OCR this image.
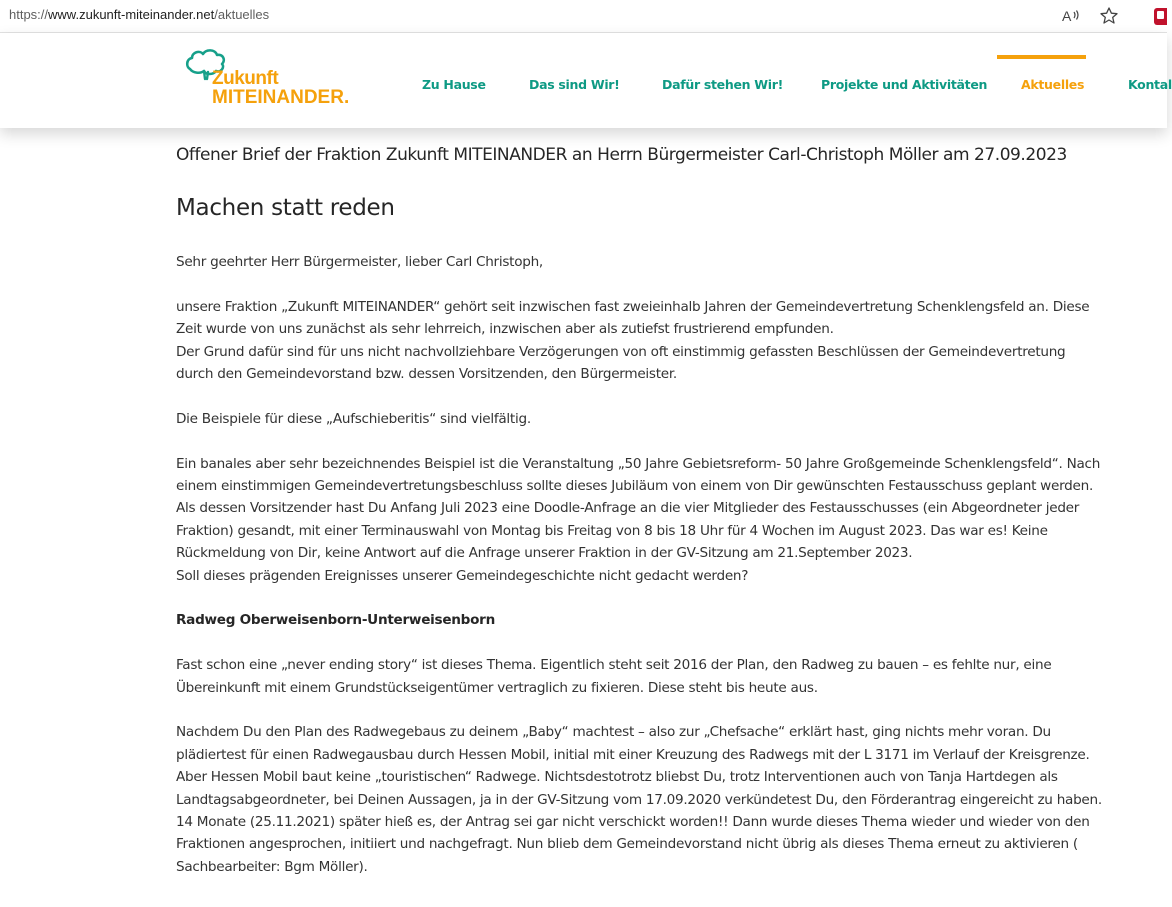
https://www.zukunft-miteinander.net/aktuelles	A
Zukunft
MITEINANDER.
Zu Hause	Das sind Wir!	Dafür stehen Wir!	Projekte und Aktivitäten	Aktuelles	Kontal
Offener Brief der Fraktion Zukunft MITEINANDER an Herrn Bürgermeister Carl-Christoph Möller am 27.09.2023
Machen statt reden

Sehr geehrter Herr Bürgermeister, lieber Carl Christoph,

unsere Fraktion „Zukunft MITEINANDER“ gehört seit inzwischen fast zweieinhalb Jahren der Gemeindevertretung Schenklengsfeld an. Diese
Zeit wurde von uns zunächst als sehr lehrreich, inzwischen aber als zutiefst frustrierend empfunden.
Der Grund dafür sind für uns nicht nachvollziehbare Verzögerungen von oft einstimmig gefassten Beschlüssen der Gemeindevertretung
durch den Gemeindevorstand bzw. dessen Vorsitzenden, den Bürgermeister.

Die Beispiele für diese „Aufschieberitis“ sind vielfältig.

Ein banales aber sehr bezeichnendes Beispiel ist die Veranstaltung „50 Jahre Gebietsreform- 50 Jahre Großgemeinde Schenklengsfeld“. Nach
einem einstimmigen Gemeindevertretungsbeschluss sollte dieses Jubiläum von einem von Dir gewünschten Festausschuss geplant werden.
Als dessen Vorsitzender hast Du Anfang Juli 2023 eine Doodle-Anfrage an die vier Mitglieder des Festausschusses (ein Abgeordneter jeder
Fraktion) gesandt, mit einer Terminauswahl von Montag bis Freitag von 8 bis 18 Uhr für 4 Wochen im August 2023. Das war es! Keine
Rückmeldung von Dir, keine Antwort auf die Anfrage unserer Fraktion in der GV-Sitzung am 21.September 2023.
Soll dieses prägenden Ereignisses unserer Gemeindegeschichte nicht gedacht werden?

Radweg Oberweisenborn-Unterweisenborn

Fast schon eine „never ending story“ ist dieses Thema. Eigentlich steht seit 2016 der Plan, den Radweg zu bauen – es fehlte nur, eine
Übereinkunft mit einem Grundstückseigentümer vertraglich zu fixieren. Diese steht bis heute aus.

Nachdem Du den Plan des Radwegebaus zu deinem „Baby“ machtest – also zur „Chefsache“ erklärt hast, ging nichts mehr voran. Du
plädiertest für einen Radwegausbau durch Hessen Mobil, initial mit einer Kreuzung des Radwegs mit der L 3171 im Verlauf der Kreisgrenze.
Aber Hessen Mobil baut keine „touristischen“ Radwege. Nichtsdestotrotz bliebst Du, trotz Interventionen auch von Tanja Hartdegen als
Landtagsabgeordneter, bei Deinen Aussagen, ja in der GV-Sitzung vom 17.09.2020 verkündetest Du, den Förderantrag eingereicht zu haben.
14 Monate (25.11.2021) später hieß es, der Antrag sei gar nicht verschickt worden!! Dann wurde dieses Thema wieder und wieder von den
Fraktionen angesprochen, initiiert und nachgefragt. Nun blieb dem Gemeindevorstand nicht übrig als dieses Thema erneut zu aktivieren (
Sachbearbeiter: Bgm Möller).
